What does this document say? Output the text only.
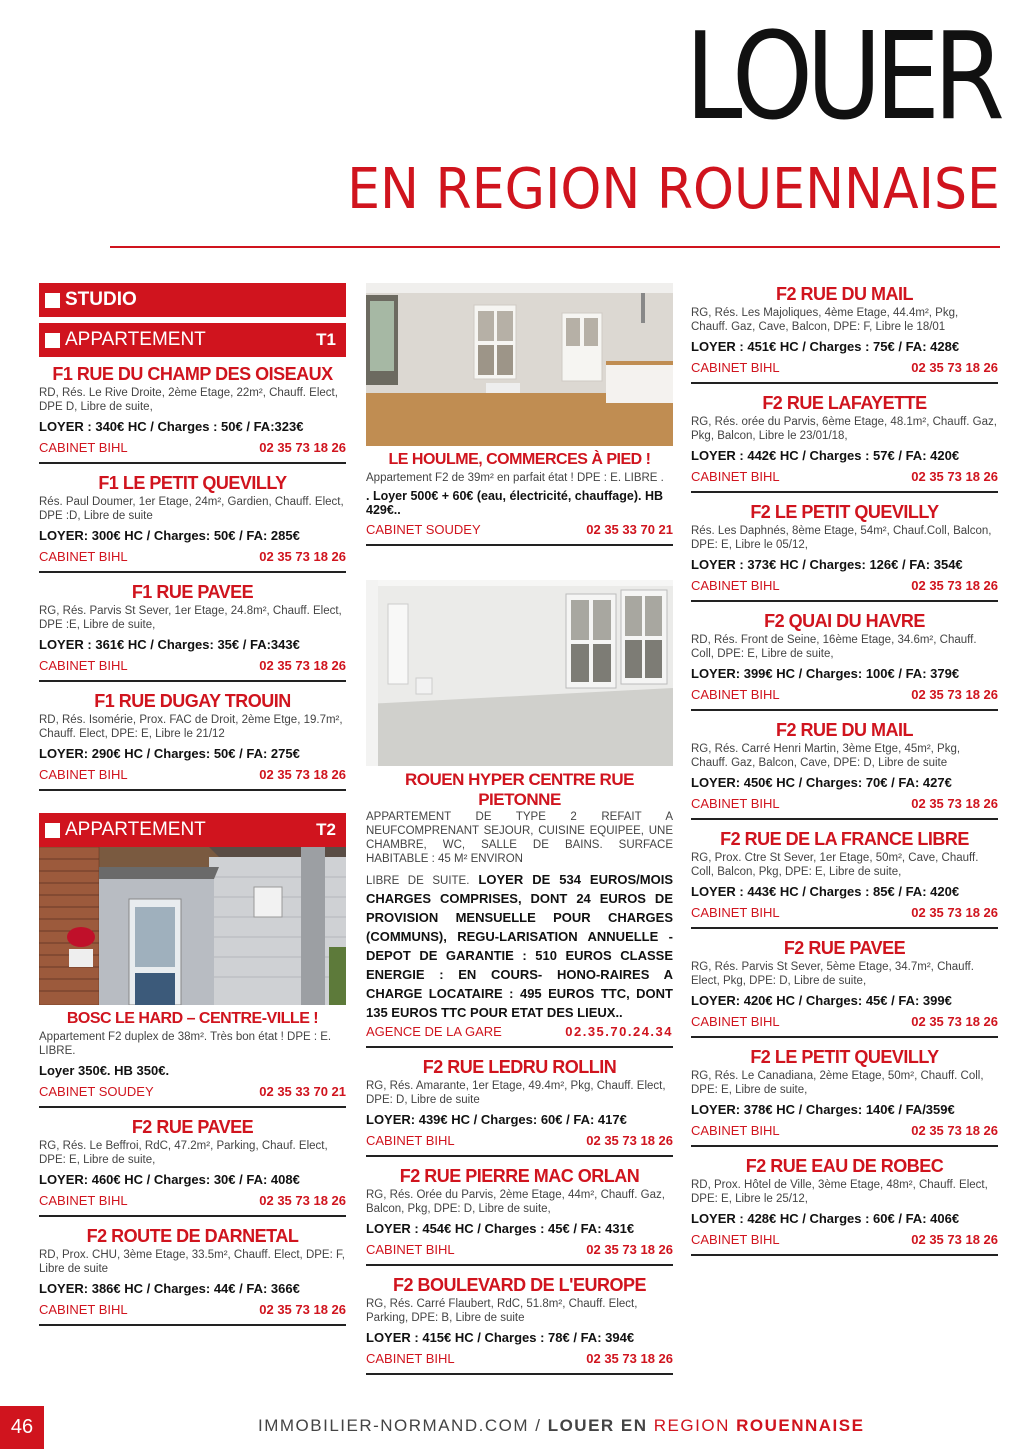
LOUER
EN REGION ROUENNAISE
STUDIO
APPARTEMENT	T1
F1 RUE DU CHAMP DES OISEAUX
RD, Rés. Le Rive Droite, 2ème Etage, 22m², Chauff. Elect, DPE D, Libre de suite,
LOYER : 340€ HC / Charges : 50€ / FA:323€
CABINET BIHL	02 35 73 18 26
F1 LE PETIT QUEVILLY
Rés. Paul Doumer, 1er Etage, 24m², Gardien, Chauff. Elect, DPE :D, Libre de suite
LOYER: 300€ HC / Charges: 50€ / FA: 285€
CABINET BIHL	02 35 73 18 26
F1 RUE PAVEE
RG, Rés. Parvis St Sever, 1er Etage, 24.8m², Chauff. Elect, DPE :E, Libre de suite,
LOYER : 361€ HC / Charges: 35€ / FA:343€
CABINET BIHL	02 35 73 18 26
F1 RUE DUGAY TROUIN
RD, Rés. Isomérie, Prox. FAC de Droit, 2ème Etge, 19.7m², Chauff. Elect, DPE: E, Libre le 21/12
LOYER: 290€ HC / Charges: 50€ / FA: 275€
CABINET BIHL	02 35 73 18 26
APPARTEMENT	T2
BOSC LE HARD – CENTRE-VILLE !
Appartement F2 duplex de 38m². Très bon état ! DPE : E. LIBRE.
Loyer 350€. HB 350€.
CABINET SOUDEY	02 35 33 70 21
F2 RUE PAVEE
RG, Rés. Le Beffroi, RdC, 47.2m², Parking, Chauf. Elect, DPE: E, Libre de suite,
LOYER: 460€ HC / Charges: 30€ / FA: 408€
CABINET BIHL	02 35 73 18 26
F2 ROUTE DE DARNETAL
RD, Prox. CHU, 3ème Etage, 33.5m², Chauff. Elect, DPE: F, Libre de suite
LOYER: 386€ HC / Charges: 44€ / FA: 366€
CABINET BIHL	02 35 73 18 26
LE HOULME, COMMERCES À PIED !
Appartement F2 de 39m² en parfait état ! DPE : E. LIBRE .
. Loyer 500€ + 60€ (eau, électricité, chauffage). HB 429€..
CABINET SOUDEY	02 35 33 70 21
ROUEN HYPER CENTRE RUE PIETONNE
APPARTEMENT DE TYPE 2 REFAIT A NEUFCOMPRENANT SEJOUR, CUISINE EQUIPEE, UNE CHAMBRE, WC, SALLE DE BAINS. SURFACE HABITABLE : 45 M² ENVIRON
LIBRE DE SUITE. LOYER DE 534 EUROS/MOIS CHARGES COMPRISES, DONT 24 EUROS DE PROVISION MENSUELLE POUR CHARGES (COMMUNS), REGU-LARISATION ANNUELLE - DEPOT DE GARANTIE : 510 EUROS CLASSE ENERGIE : EN COURS- HONO-RAIRES A CHARGE LOCATAIRE : 495 EUROS TTC, DONT 135 EUROS TTC POUR ETAT DES LIEUX..
AGENCE DE LA GARE	02.35.70.24.34
F2 RUE LEDRU ROLLIN
RG, Rés. Amarante, 1er Etage, 49.4m², Pkg, Chauff. Elect, DPE: D, Libre de suite
LOYER: 439€ HC / Charges: 60€ / FA: 417€
CABINET BIHL	02 35 73 18 26
F2 RUE PIERRE MAC ORLAN
RG, Rés. Orée du Parvis, 2ème Etage, 44m², Chauff. Gaz, Balcon, Pkg, DPE: D, Libre de suite,
LOYER : 454€ HC / Charges : 45€ / FA: 431€
CABINET BIHL	02 35 73 18 26
F2 BOULEVARD DE L'EUROPE
RG, Rés. Carré Flaubert, RdC, 51.8m², Chauff. Elect, Parking, DPE: B, Libre de suite
LOYER : 415€ HC / Charges : 78€ / FA: 394€
CABINET BIHL	02 35 73 18 26
F2 RUE DU MAIL
RG, Rés. Les Majoliques, 4ème Etage, 44.4m², Pkg, Chauff. Gaz, Cave, Balcon, DPE: F, Libre le 18/01
LOYER : 451€ HC / Charges : 75€ / FA: 428€
CABINET BIHL	02 35 73 18 26
F2 RUE LAFAYETTE
RG, Rés. orée du Parvis, 6ème Etage, 48.1m², Chauff. Gaz, Pkg, Balcon, Libre le 23/01/18,
LOYER : 442€ HC / Charges : 57€ / FA: 420€
CABINET BIHL	02 35 73 18 26
F2 LE PETIT QUEVILLY
Rés. Les Daphnés, 8ème Etage, 54m², Chauf.Coll, Balcon, DPE: E, Libre le 05/12,
LOYER : 373€ HC / Charges: 126€ / FA: 354€
CABINET BIHL	02 35 73 18 26
F2 QUAI DU HAVRE
RD, Rés. Front de Seine, 16ème Etage, 34.6m², Chauff. Coll, DPE: E, Libre de suite,
LOYER: 399€ HC / Charges: 100€ / FA: 379€
CABINET BIHL	02 35 73 18 26
F2 RUE DU MAIL
RG, Rés. Carré Henri Martin, 3ème Etge, 45m², Pkg, Chauff. Gaz, Balcon, Cave, DPE: D, Libre de suite
LOYER: 450€ HC / Charges: 70€ / FA: 427€
CABINET BIHL	02 35 73 18 26
F2 RUE DE LA FRANCE LIBRE
RG, Prox. Ctre St Sever, 1er Etage, 50m², Cave, Chauff. Coll, Balcon, Pkg, DPE: E, Libre de suite,
LOYER : 443€ HC / Charges : 85€ / FA: 420€
CABINET BIHL	02 35 73 18 26
F2 RUE PAVEE
RG, Rés. Parvis St Sever, 5ème Etage, 34.7m², Chauff. Elect, Pkg, DPE: D, Libre de suite,
LOYER: 420€ HC / Charges: 45€ / FA: 399€
CABINET BIHL	02 35 73 18 26
F2 LE PETIT QUEVILLY
RG, Rés. Le Canadiana, 2ème Etage, 50m², Chauff. Coll, DPE: E, Libre de suite,
LOYER: 378€ HC / Charges: 140€ / FA/359€
CABINET BIHL	02 35 73 18 26
F2 RUE EAU DE ROBEC
RD, Prox. Hôtel de Ville, 3ème Etage, 48m², Chauff. Elect, DPE: E, Libre le 25/12,
LOYER : 428€ HC / Charges : 60€ / FA: 406€
CABINET BIHL	02 35 73 18 26
46	IMMOBILIER-NORMAND.COM / LOUER EN REGION ROUENNAISE
